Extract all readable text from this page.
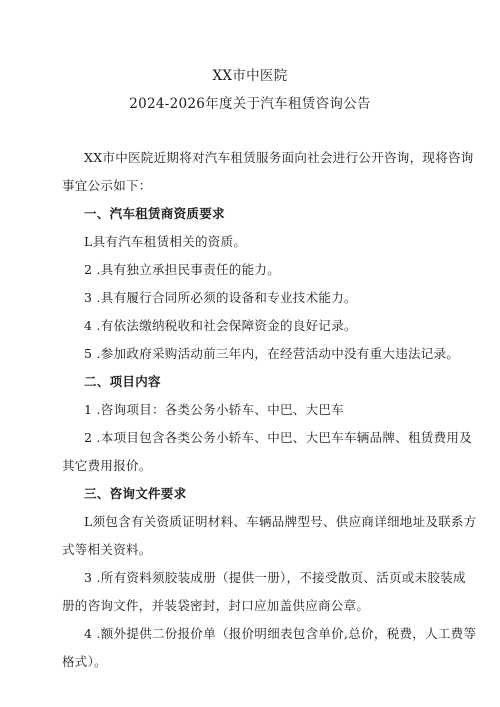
XX市中医院
2024-2026年度关于汽车租赁咨询公告
XX市中医院近期将对汽车租赁服务面向社会进行公开咨询，现将咨询
事宜公示如下：
一、汽车租赁商资质要求
L具有汽车租赁相关的资质。
2 .具有独立承担民事责任的能力。
3 .具有履行合同所必须的设备和专业技术能力。
4 .有依法缴纳税收和社会保障资金的良好记录。
5 .参加政府采购活动前三年内，在经营活动中没有重大违法记录。
二、项目内容
1 .咨询项目：各类公务小轿车、中巴、大巴车
2 .本项目包含各类公务小轿车、中巴、大巴车车辆品牌、租赁费用及
其它费用报价。
三、咨询文件要求
L须包含有关资质证明材料、车辆品牌型号、供应商详细地址及联系方
式等相关资料。
3 .所有资料须胶装成册（提供一册），不接受散页、活页或未胶装成
册的咨询文件，并装袋密封，封口应加盖供应商公章。
4 .额外提供二份报价单（报价明细表包含单价,总价，税费，人工费等
格式）。
